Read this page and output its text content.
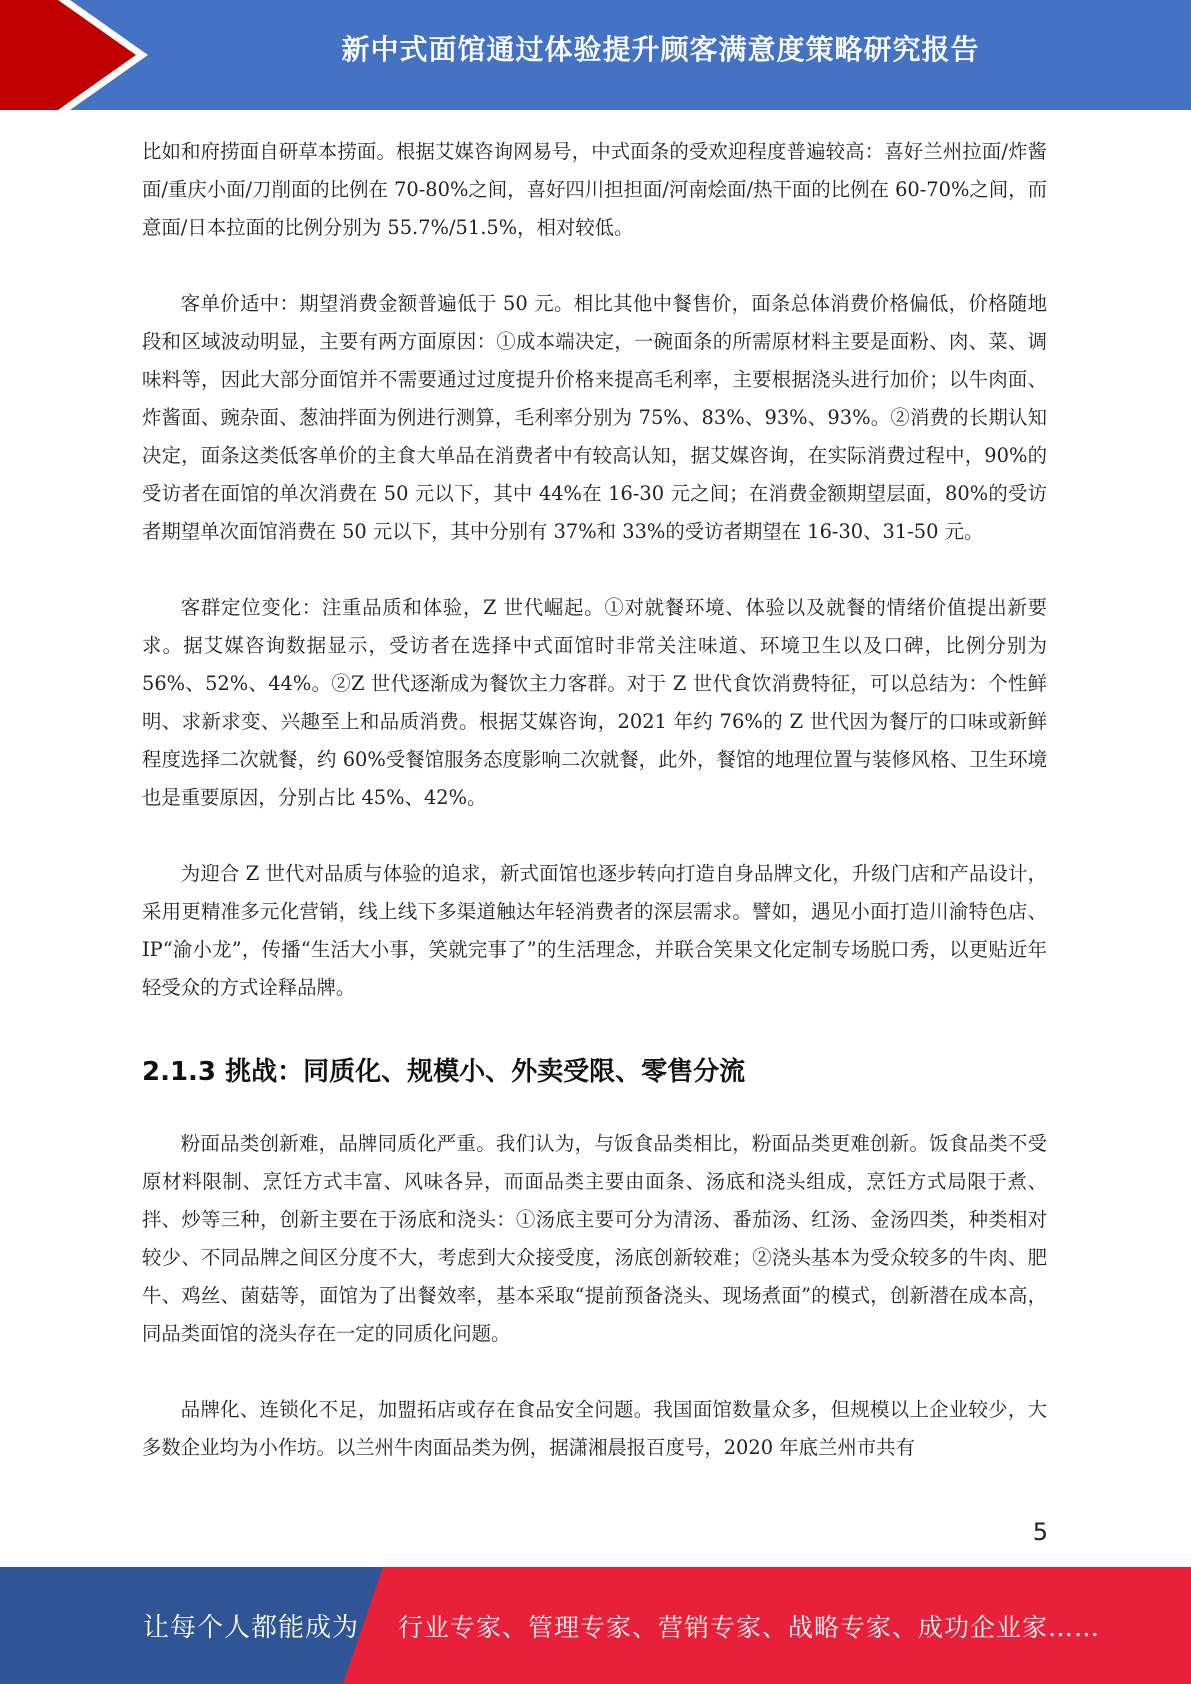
新中式面馆通过体验提升顾客满意度策略研究报告

比如和府捞面自研草本捞面。根据艾媒咨询网易号，中式面条的受欢迎程度普遍较高：喜好兰州拉面/炸酱面/重庆小面/刀削面的比例在 70-80%之间，喜好四川担担面/河南烩面/热干面的比例在 60-70%之间，而意面/日本拉面的比例分别为 55.7%/51.5%，相对较低。

客单价适中：期望消费金额普遍低于 50 元。相比其他中餐售价，面条总体消费价格偏低，价格随地段和区域波动明显，主要有两方面原因：①成本端决定，一碗面条的所需原材料主要是面粉、肉、菜、调味料等，因此大部分面馆并不需要通过过度提升价格来提高毛利率，主要根据浇头进行加价；以牛肉面、炸酱面、豌杂面、葱油拌面为例进行测算，毛利率分别为 75%、83%、93%、93%。②消费的长期认知决定，面条这类低客单价的主食大单品在消费者中有较高认知，据艾媒咨询，在实际消费过程中，90%的受访者在面馆的单次消费在 50 元以下，其中 44%在 16-30 元之间；在消费金额期望层面，80%的受访者期望单次面馆消费在 50 元以下，其中分别有 37%和 33%的受访者期望在 16-30、31-50 元。

客群定位变化：注重品质和体验，Z 世代崛起。①对就餐环境、体验以及就餐的情绪价值提出新要求。据艾媒咨询数据显示，受访者在选择中式面馆时非常关注味道、环境卫生以及口碑，比例分别为 56%、52%、44%。②Z 世代逐渐成为餐饮主力客群。对于 Z 世代食饮消费特征，可以总结为：个性鲜明、求新求变、兴趣至上和品质消费。根据艾媒咨询，2021 年约 76%的 Z 世代因为餐厅的口味或新鲜程度选择二次就餐，约 60%受餐馆服务态度影响二次就餐，此外，餐馆的地理位置与装修风格、卫生环境也是重要原因，分别占比 45%、42%。

为迎合 Z 世代对品质与体验的追求，新式面馆也逐步转向打造自身品牌文化，升级门店和产品设计，采用更精准多元化营销，线上线下多渠道触达年轻消费者的深层需求。譬如，遇见小面打造川渝特色店、IP“渝小龙”，传播“生活大小事，笑就完事了”的生活理念，并联合笑果文化定制专场脱口秀，以更贴近年轻受众的方式诠释品牌。

2.1.3 挑战：同质化、规模小、外卖受限、零售分流

粉面品类创新难，品牌同质化严重。我们认为，与饭食品类相比，粉面品类更难创新。饭食品类不受原材料限制、烹饪方式丰富、风味各异，而面品类主要由面条、汤底和浇头组成，烹饪方式局限于煮、拌、炒等三种，创新主要在于汤底和浇头：①汤底主要可分为清汤、番茄汤、红汤、金汤四类，种类相对较少、不同品牌之间区分度不大，考虑到大众接受度，汤底创新较难；②浇头基本为受众较多的牛肉、肥牛、鸡丝、菌菇等，面馆为了出餐效率，基本采取“提前预备浇头、现场煮面”的模式，创新潜在成本高，同品类面馆的浇头存在一定的同质化问题。

品牌化、连锁化不足，加盟拓店或存在食品安全问题。我国面馆数量众多，但规模以上企业较少，大多数企业均为小作坊。以兰州牛肉面品类为例，据潇湘晨报百度号，2020 年底兰州市共有

5
让每个人都能成为 行业专家、管理专家、营销专家、战略专家、成功企业家……
